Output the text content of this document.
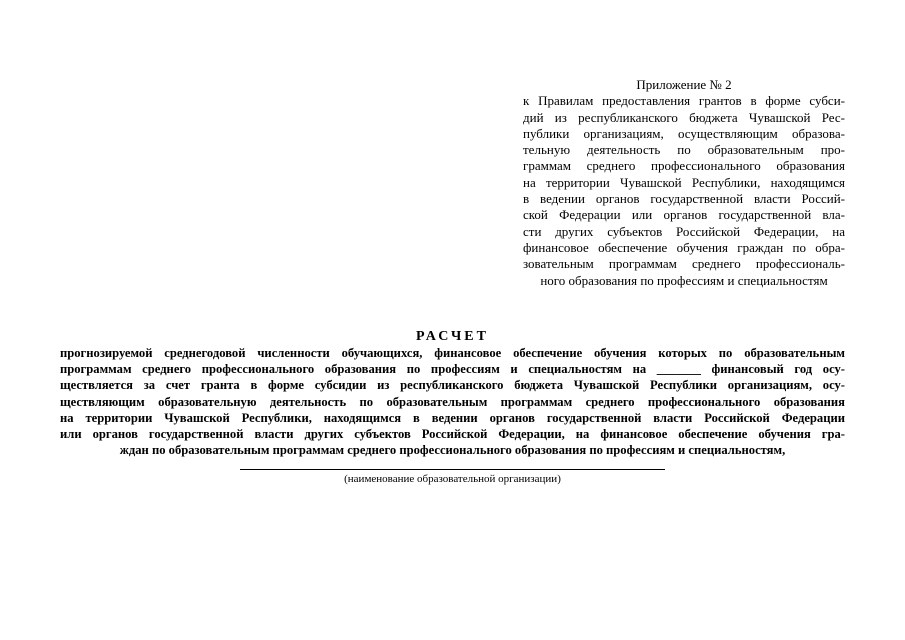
Приложение № 2
к Правилам предоставления грантов в форме субси-
дий из республиканского бюджета Чувашской Рес-
публики организациям, осуществляющим образова-
тельную деятельность по образовательным про-
граммам среднего профессионального образования
на территории Чувашской Республики, находящимся
в ведении органов государственной власти Россий-
ской Федерации или органов государственной вла-
сти других субъектов Российской Федерации, на
финансовое обеспечение обучения граждан по обра-
зовательным программам среднего профессиональ-
ного образования по профессиям и специальностям
РАСЧЕТ
прогнозируемой среднегодовой численности обучающихся, финансовое обеспечение обучения которых по образовательным
программам среднего профессионального образования по профессиям и специальностям на _______ финансовый год осу-
ществляется за счет гранта в форме субсидии из республиканского бюджета Чувашской Республики организациям, осу-
ществляющим образовательную деятельность по образовательным программам среднего профессионального образования
на территории Чувашской Республики, находящимся в ведении органов государственной власти Российской Федерации
или органов государственной власти других субъектов Российской Федерации, на финансовое обеспечение обучения гра-
ждан по образовательным программам среднего профессионального образования по профессиям и специальностям,
(наименование образовательной организации)
